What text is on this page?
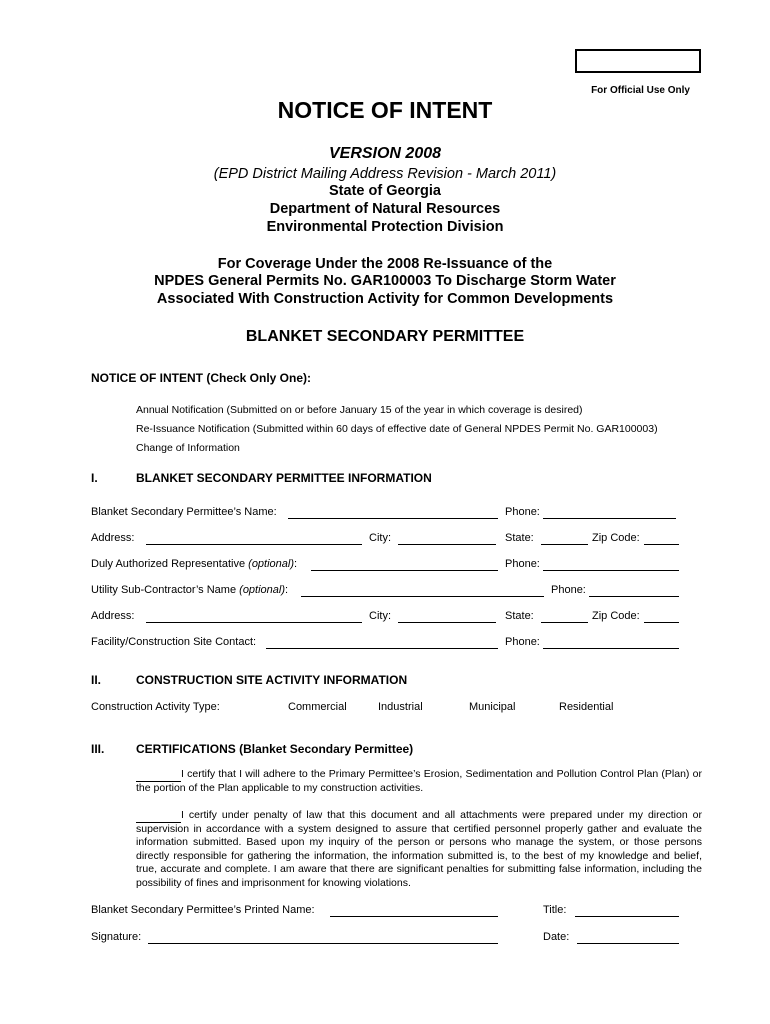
For Official Use Only
NOTICE OF INTENT
VERSION 2008
(EPD District Mailing Address Revision - March 2011)
State of Georgia
Department of Natural Resources
Environmental Protection Division
For Coverage Under the 2008 Re-Issuance of the
NPDES General Permits No. GAR100003 To Discharge Storm Water
Associated With Construction Activity for Common Developments
BLANKET SECONDARY PERMITTEE
NOTICE OF INTENT (Check Only One):
Annual Notification (Submitted on or before January 15 of the year in which coverage is desired)
Re-Issuance Notification (Submitted within 60 days of effective date of General NPDES Permit No. GAR100003)
Change of Information
I.	BLANKET SECONDARY PERMITTEE INFORMATION
Blanket Secondary Permittee’s Name:	Phone:
Address:	City:	State:	Zip Code:
Duly Authorized Representative (optional):	Phone:
Utility Sub-Contractor’s Name (optional):	Phone:
Address:	City:	State:	Zip Code:
Facility/Construction Site Contact:	Phone:
II.	CONSTRUCTION SITE ACTIVITY INFORMATION
Construction Activity Type:	Commercial	Industrial	Municipal	Residential
III.	CERTIFICATIONS (Blanket Secondary Permittee)
I certify that I will adhere to the Primary Permittee’s Erosion, Sedimentation and Pollution Control Plan (Plan) or the portion of the Plan applicable to my construction activities.
I certify under penalty of law that this document and all attachments were prepared under my direction or supervision in accordance with a system designed to assure that certified personnel properly gather and evaluate the information submitted. Based upon my inquiry of the person or persons who manage the system, or those persons directly responsible for gathering the information, the information submitted is, to the best of my knowledge and belief, true, accurate and complete. I am aware that there are significant penalties for submitting false information, including the possibility of fines and imprisonment for knowing violations.
Blanket Secondary Permittee’s Printed Name:	Title:
Signature:	Date:
